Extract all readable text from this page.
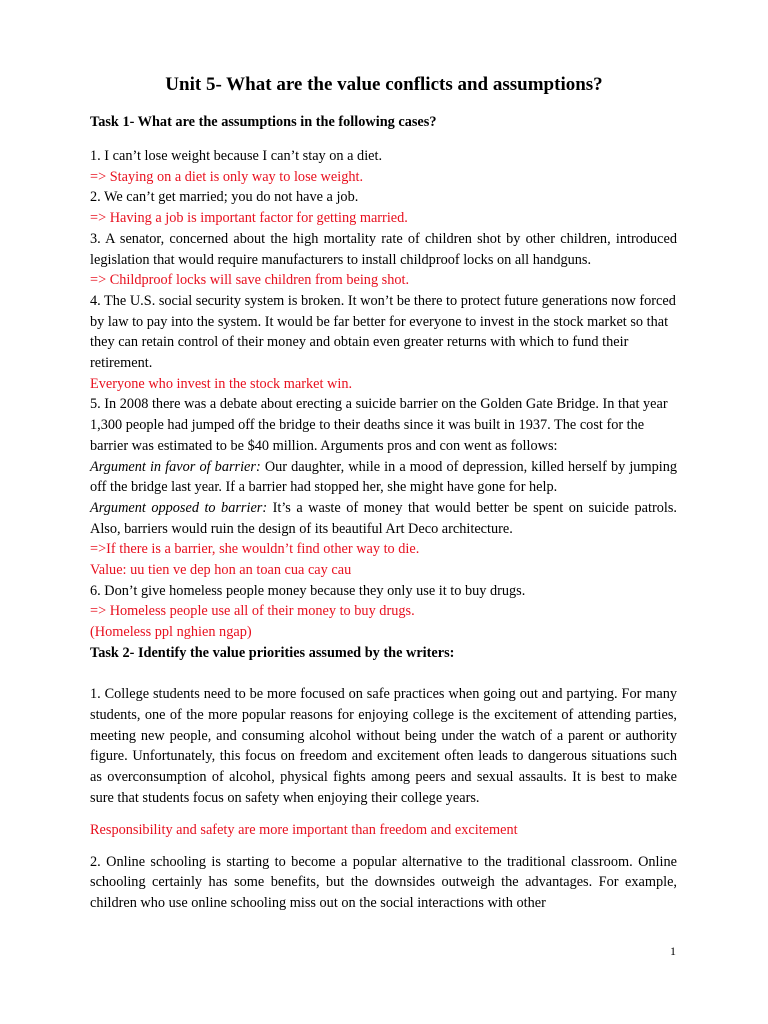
Unit 5- What are the value conflicts and assumptions?
Task 1- What are the assumptions in the following cases?

1. I can’t lose weight because I can’t stay on a diet.

=> Staying on a diet is only way to lose weight.

2. We can’t get married; you do not have a job.

=> Having a job is important factor for getting married.

3. A senator, concerned about the high mortality rate of children shot by other children, introduced legislation that would require manufacturers to install childproof locks on all handguns.

=> Childproof locks will save children from being shot.

4. The U.S. social security system is broken. It won’t be there to protect future generations now forced by law to pay into the system. It would be far better for everyone to invest in the stock market so that they can retain control of their money and obtain even greater returns with which to fund their retirement.

Everyone who invest in the stock market win.

5. In 2008 there was a debate about erecting a suicide barrier on the Golden Gate Bridge. In that year 1,300 people had jumped off the bridge to their deaths since it was built in 1937. The cost for the barrier was estimated to be $40 million. Arguments pros and con went as follows:

Argument in favor of barrier: Our daughter, while in a mood of depression, killed herself by jumping off the bridge last year. If a barrier had stopped her, she might have gone for help.

Argument opposed to barrier: It’s a waste of money that would better be spent on suicide patrols. Also, barriers would ruin the design of its beautiful Art Deco architecture.

=>If there is a barrier, she wouldn’t find other way to die.

Value: uu tien ve dep hon an toan cua cay cau

6. Don’t give homeless people money because they only use it to buy drugs.

=> Homeless people use all of their money to buy drugs.

(Homeless ppl nghien ngap)

Task 2- Identify the value priorities assumed by the writers:

1. College students need to be more focused on safe practices when going out and partying. For many students, one of the more popular reasons for enjoying college is the excitement of attending parties, meeting new people, and consuming alcohol without being under the watch of a parent or authority figure. Unfortunately, this focus on freedom and excitement often leads to dangerous situations such as overconsumption of alcohol, physical fights among peers and sexual assaults. It is best to make sure that students focus on safety when enjoying their college years.

Responsibility and safety are more important than freedom and excitement

2. Online schooling is starting to become a popular alternative to the traditional classroom. Online schooling certainly has some benefits, but the downsides outweigh the advantages. For example, children who use online schooling miss out on the social interactions with other

1
